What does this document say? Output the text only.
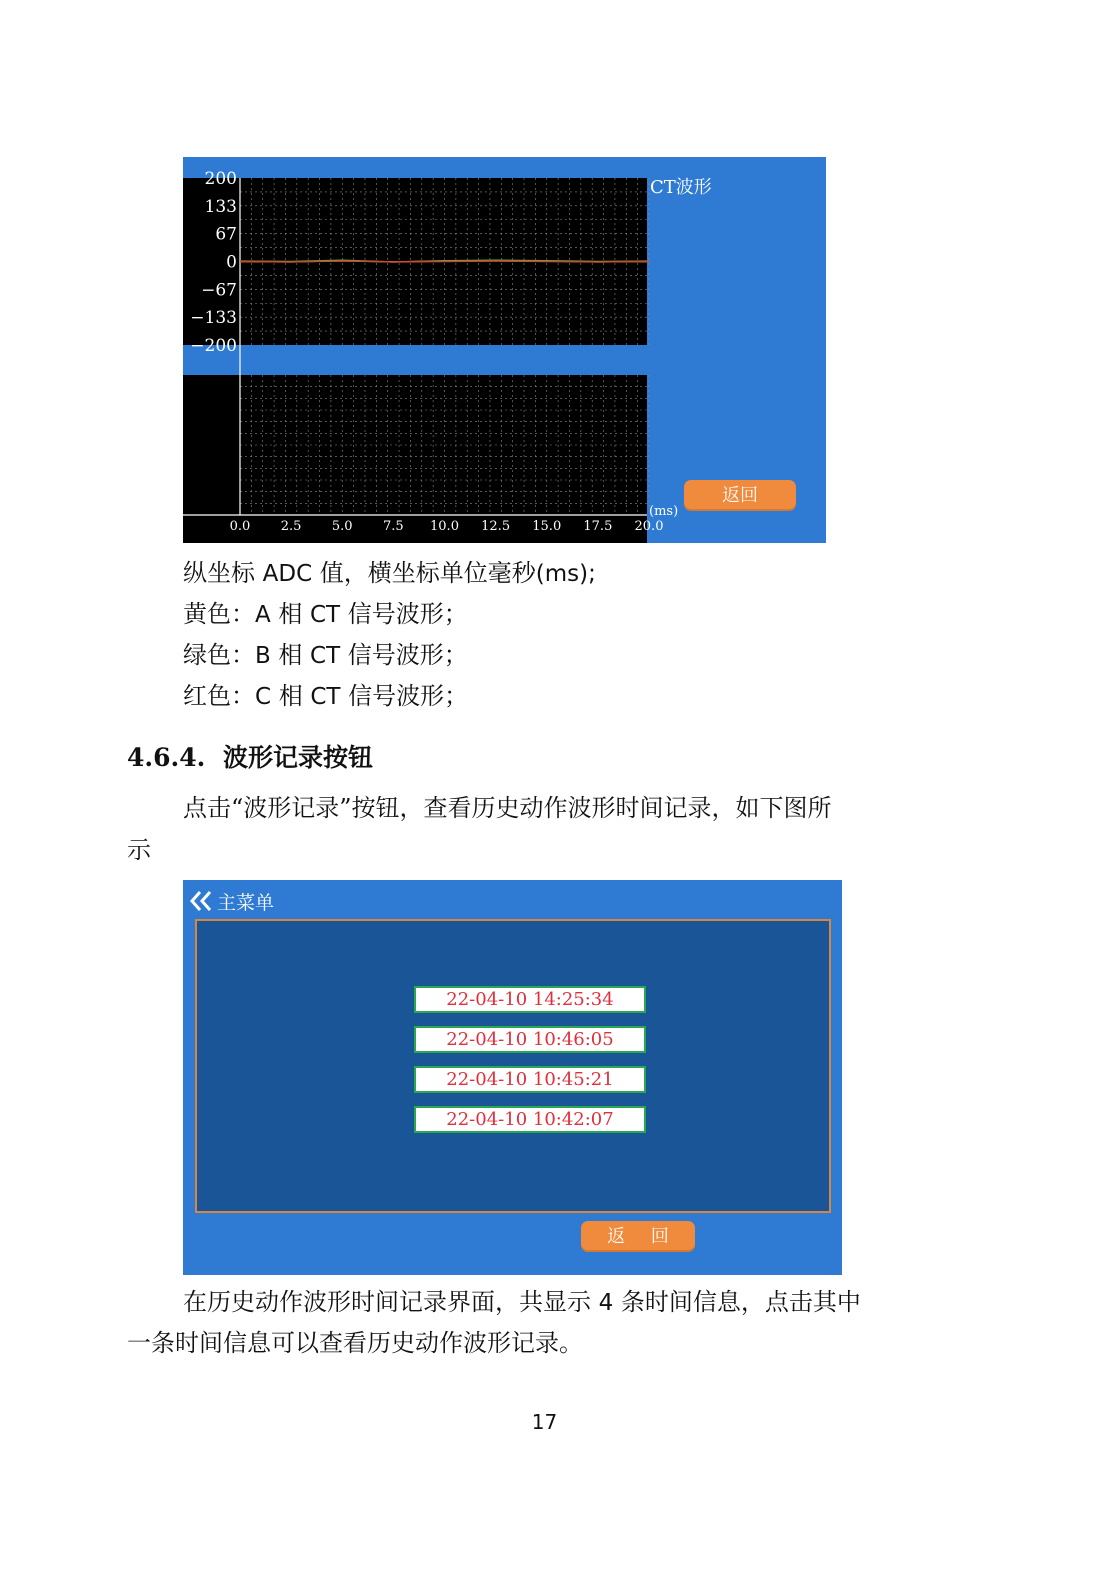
200
133
67
0
−67
−133
−200
0.0 2.5 5.0 7.5 10.0 12.5 15.0 17.5 20.0
(ms)
CT波形
返回
纵坐标 ADC 值，横坐标单位毫秒(ms);
黄色：A 相 CT 信号波形；
绿色：B 相 CT 信号波形；
红色：C 相 CT 信号波形；
4.6.4. 波形记录按钮
点击“波形记录”按钮，查看历史动作波形时间记录，如下图所
示
主菜单
22-04-10 14:25:34
22-04-10 10:46:05
22-04-10 10:45:21
22-04-10 10:42:07
返 回
在历史动作波形时间记录界面，共显示 4 条时间信息，点击其中
一条时间信息可以查看历史动作波形记录。
17
